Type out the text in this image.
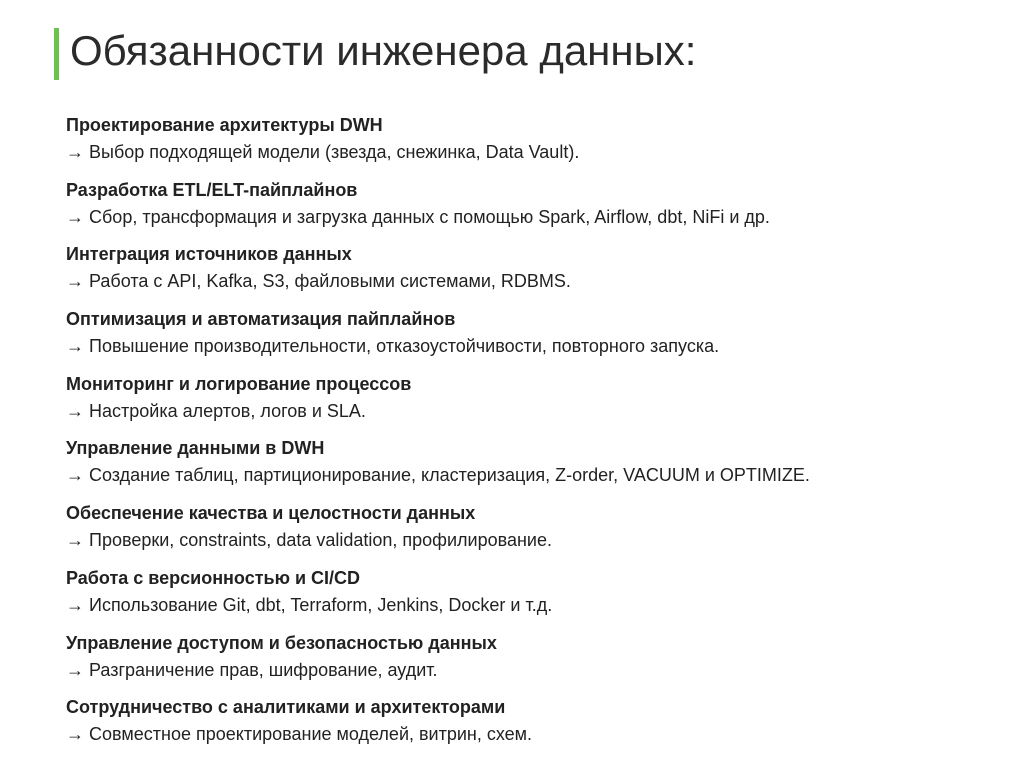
Обязанности инженера данных:
Проектирование архитектуры DWH
→ Выбор подходящей модели (звезда, снежинка, Data Vault).
Разработка ETL/ELT-пайплайнов
→ Сбор, трансформация и загрузка данных с помощью Spark, Airflow, dbt, NiFi и др.
Интеграция источников данных
→ Работа с API, Kafka, S3, файловыми системами, RDBMS.
Оптимизация и автоматизация пайплайнов
→ Повышение производительности, отказоустойчивости, повторного запуска.
Мониторинг и логирование процессов
→ Настройка алертов, логов и SLA.
Управление данными в DWH
→ Создание таблиц, партиционирование, кластеризация, Z-order, VACUUM и OPTIMIZE.
Обеспечение качества и целостности данных
→ Проверки, constraints, data validation, профилирование.
Работа с версионностью и CI/CD
→ Использование Git, dbt, Terraform, Jenkins, Docker и т.д.
Управление доступом и безопасностью данных
→ Разграничение прав, шифрование, аудит.
Сотрудничество с аналитиками и архитекторами
→ Совместное проектирование моделей, витрин, схем.
